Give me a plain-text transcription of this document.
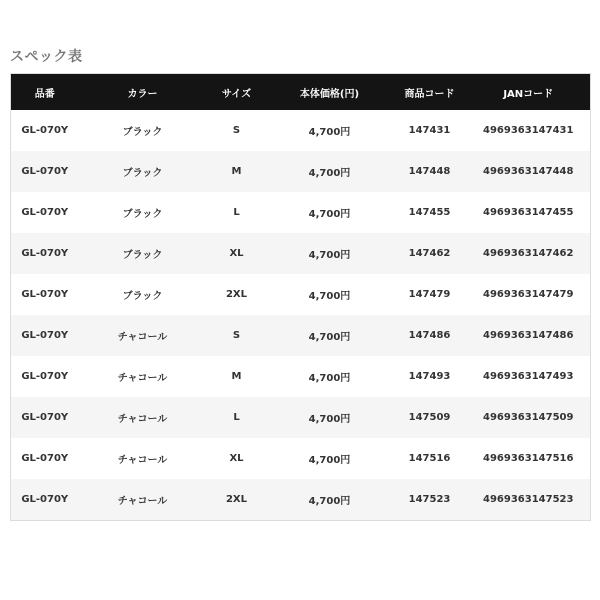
スペック表
品番	カラー	サイズ	本体価格(円)	商品コード	JANコード
GL-070Y	ブラック	S	4,700円	147431	4969363147431
GL-070Y	ブラック	M	4,700円	147448	4969363147448
GL-070Y	ブラック	L	4,700円	147455	4969363147455
GL-070Y	ブラック	XL	4,700円	147462	4969363147462
GL-070Y	ブラック	2XL	4,700円	147479	4969363147479
GL-070Y	チャコール	S	4,700円	147486	4969363147486
GL-070Y	チャコール	M	4,700円	147493	4969363147493
GL-070Y	チャコール	L	4,700円	147509	4969363147509
GL-070Y	チャコール	XL	4,700円	147516	4969363147516
GL-070Y	チャコール	2XL	4,700円	147523	4969363147523
